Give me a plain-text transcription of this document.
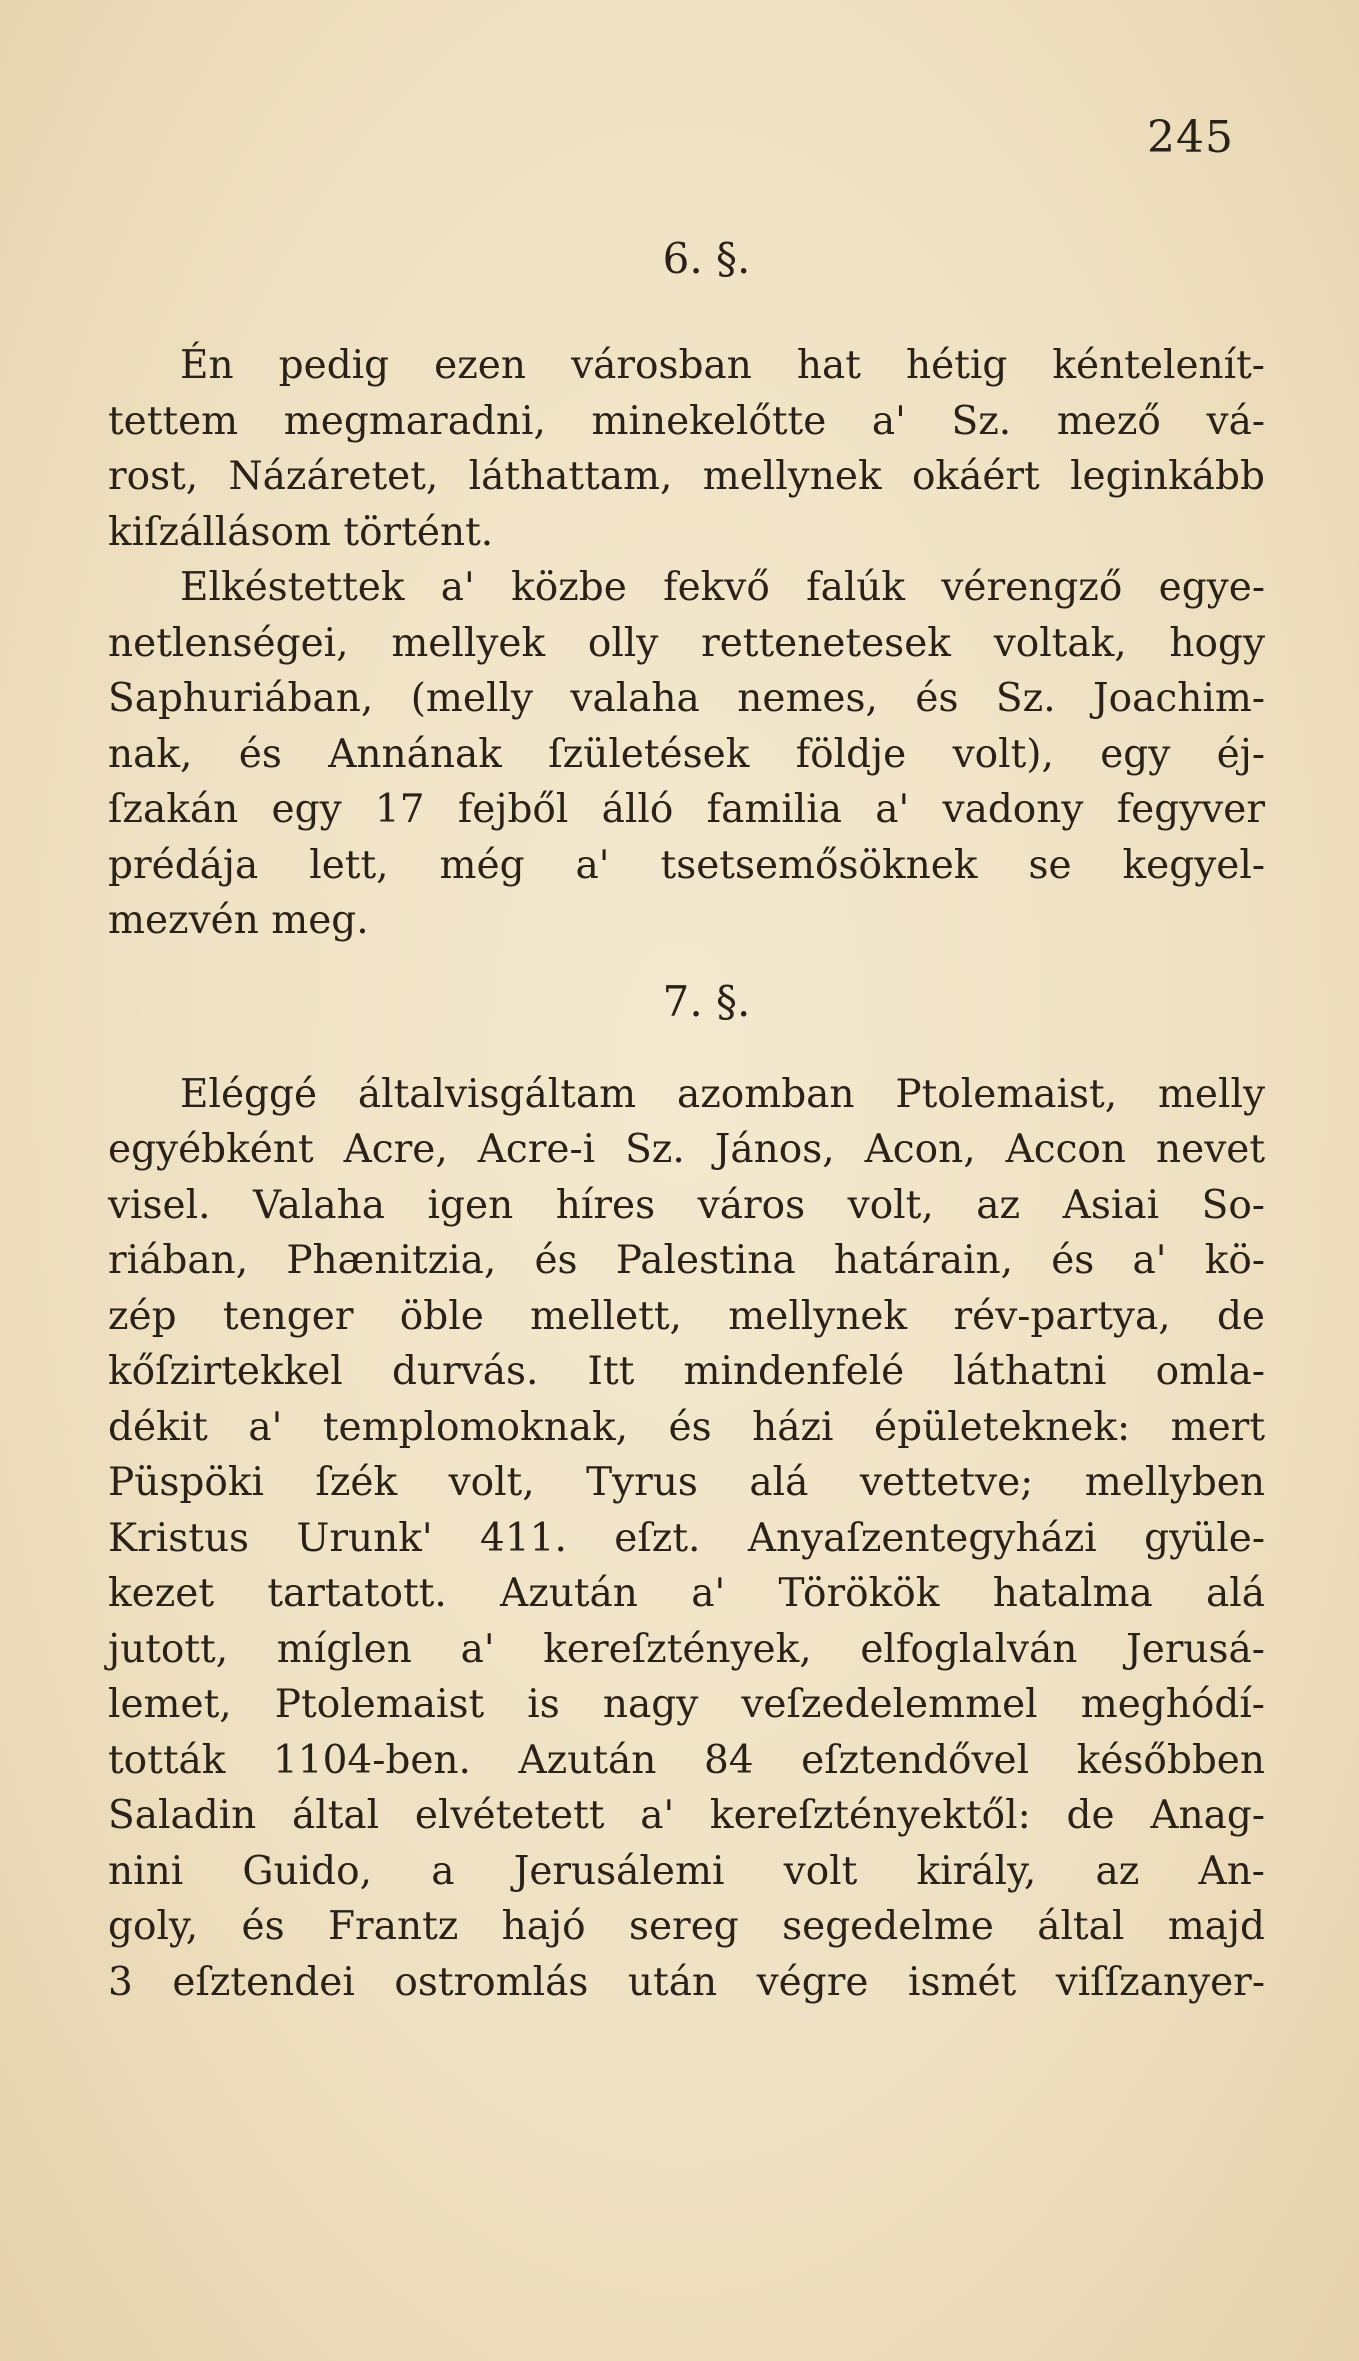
245
6. §.
Én pedig ezen városban hat hétig kéntelenít-
tettem megmaradni, minekelőtte a' Sz. mező vá-
rost, Názáretet, láthattam, mellynek okáért leginkább
kiſzállásom történt.
Elkéstettek a' közbe fekvő falúk vérengző egye-
netlenségei, mellyek olly rettenetesek voltak, hogy
Saphuriában, (melly valaha nemes, és Sz. Joachim-
nak, és Annának ſzületések földje volt), egy éj-
ſzakán egy 17 fejből álló familia a' vadony fegyver
prédája lett, még a' tsetsemősöknek se kegyel-
mezvén meg.
7. §.
Eléggé általvisgáltam azomban Ptolemaist, melly
egyébként Acre, Acre-i Sz. János, Acon, Accon nevet
visel. Valaha igen híres város volt, az Asiai So-
riában, Phænitzia, és Palestina határain, és a' kö-
zép tenger öble mellett, mellynek rév-partya, de
kőſzirtekkel durvás. Itt mindenfelé láthatni omla-
dékit a' templomoknak, és házi épületeknek: mert
Püspöki ſzék volt, Tyrus alá vettetve; mellyben
Kristus Urunk' 411. eſzt. Anyaſzentegyházi gyüle-
kezet tartatott. Azután a' Törökök hatalma alá
jutott, míglen a' kereſztények, elfoglalván Jerusá-
lemet, Ptolemaist is nagy veſzedelemmel meghódí-
tották 1104-ben. Azután 84 eſztendővel későbben
Saladin által elvétetett a' kereſztényektől: de Anag-
nini Guido, a Jerusálemi volt király, az An-
goly, és Frantz hajó sereg segedelme által majd
3 eſztendei ostromlás után végre ismét viſſzanyer-
